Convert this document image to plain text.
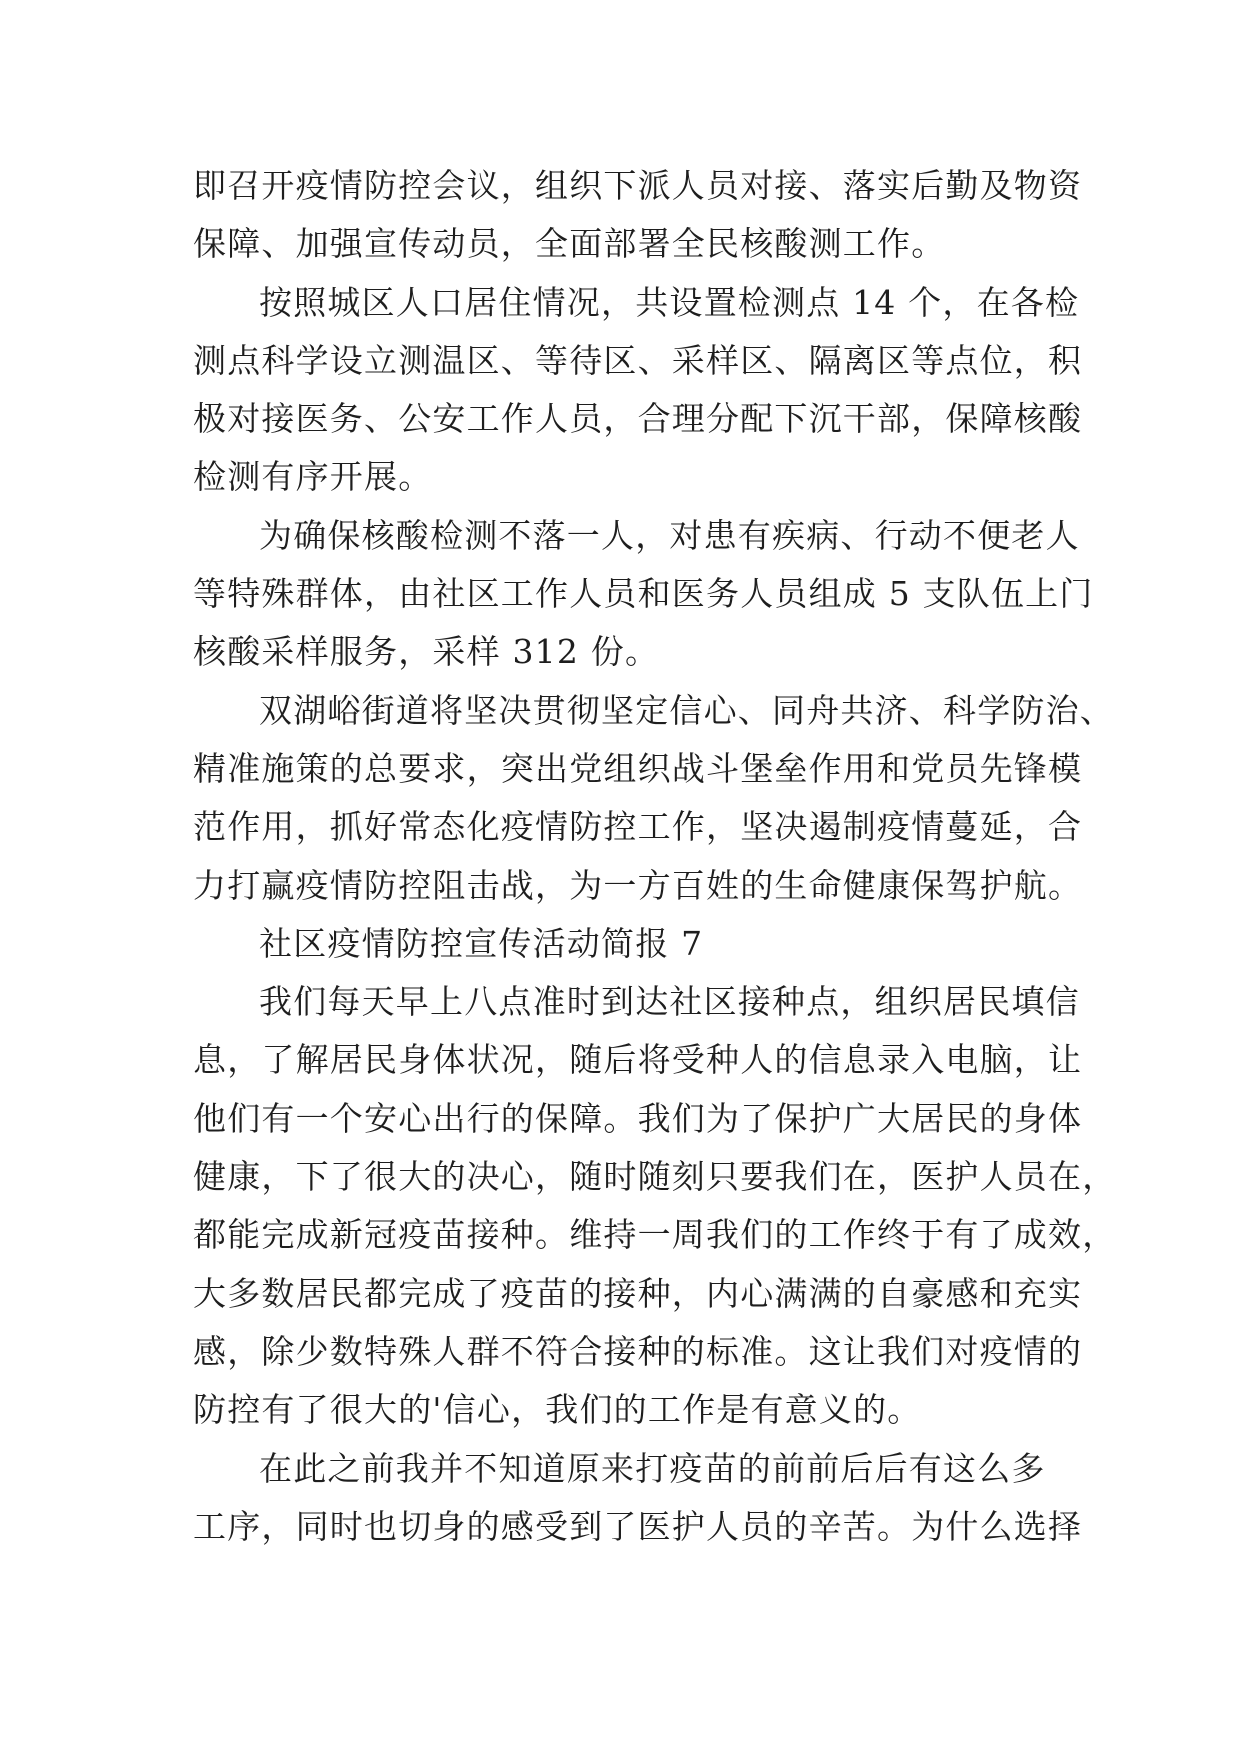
即召开疫情防控会议，组织下派人员对接、落实后勤及物资
保障、加强宣传动员，全面部署全民核酸测工作。

按照城区人口居住情况，共设置检测点 14 个，在各检
测点科学设立测温区、等待区、采样区、隔离区等点位，积
极对接医务、公安工作人员，合理分配下沉干部，保障核酸
检测有序开展。

为确保核酸检测不落一人，对患有疾病、行动不便老人
等特殊群体，由社区工作人员和医务人员组成 5 支队伍上门
核酸采样服务，采样 312 份。

双湖峪街道将坚决贯彻坚定信心、同舟共济、科学防治、
精准施策的总要求，突出党组织战斗堡垒作用和党员先锋模
范作用，抓好常态化疫情防控工作，坚决遏制疫情蔓延，合
力打赢疫情防控阻击战，为一方百姓的生命健康保驾护航。

社区疫情防控宣传活动简报 7

我们每天早上八点准时到达社区接种点，组织居民填信
息，了解居民身体状况，随后将受种人的信息录入电脑，让
他们有一个安心出行的保障。我们为了保护广大居民的身体
健康，下了很大的决心，随时随刻只要我们在，医护人员在，
都能完成新冠疫苗接种。维持一周我们的工作终于有了成效，
大多数居民都完成了疫苗的接种，内心满满的自豪感和充实
感，除少数特殊人群不符合接种的标准。这让我们对疫情的
防控有了很大的'信心，我们的工作是有意义的。

在此之前我并不知道原来打疫苗的前前后后有这么多
工序，同时也切身的感受到了医护人员的辛苦。为什么选择
